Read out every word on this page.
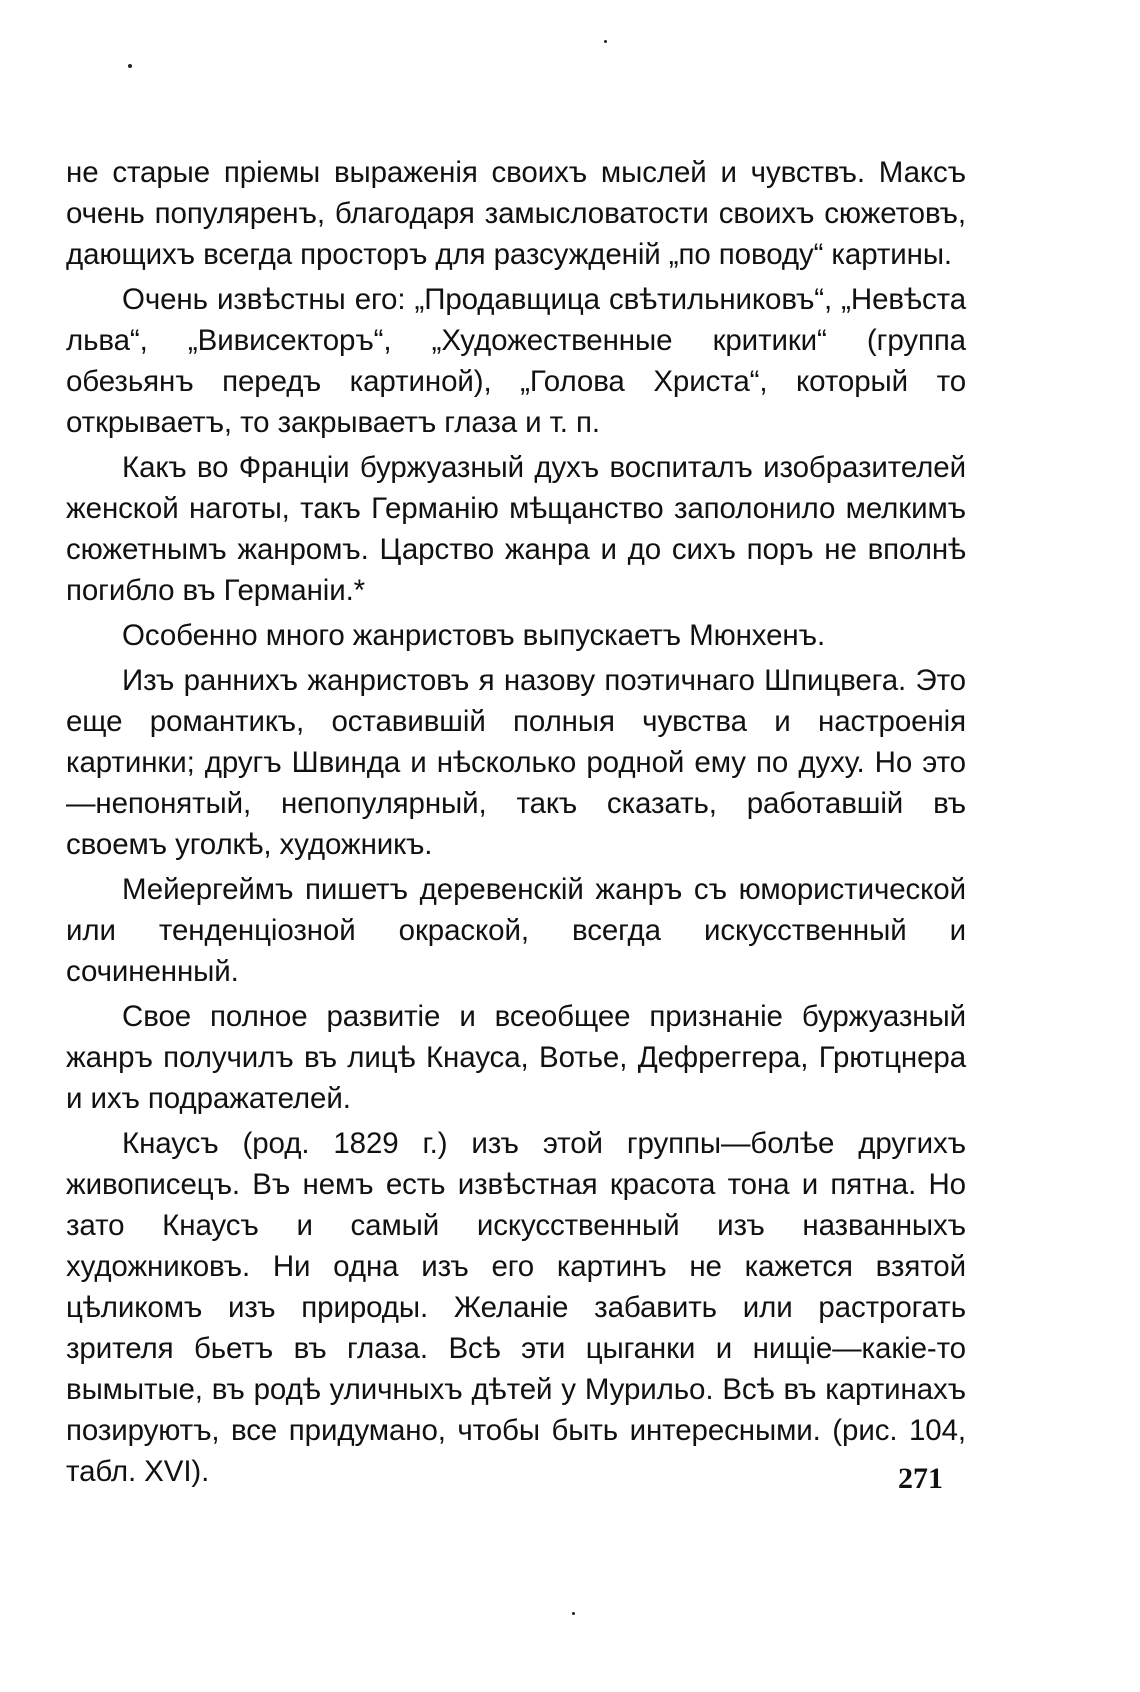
не старые пріемы выраженія своихъ мыслей и чувствъ. Максъ очень популяренъ, благодаря замысловатости своихъ сюжетовъ, дающихъ всегда просторъ для разсужденій „по поводу“ картины.

Очень извѣстны его: „Продавщица свѣтильниковъ“, „Невѣста льва“, „Вивисекторъ“, „Художественные критики“ (группа обезьянъ передъ картиной), „Голова Христа“, который то открываетъ, то закрываетъ глаза и т. п.

Какъ во Франціи буржуазный духъ воспиталъ изобразителей женской наготы, такъ Германію мѣщанство заполонило мелкимъ сюжетнымъ жанромъ. Царство жанра и до сихъ поръ не вполнѣ погибло въ Германіи.*

Особенно много жанристовъ выпускаетъ Мюнхенъ.

Изъ раннихъ жанристовъ я назову поэтичнаго Шпицвега. Это еще романтикъ, оставившій полныя чувства и настроенія картинки; другъ Швинда и нѣсколько родной ему по духу. Но это—непонятый, непопулярный, такъ сказать, работавшій въ своемъ уголкѣ, художникъ.

Мейергеймъ пишетъ деревенскій жанръ съ юмористической или тенденціозной окраской, всегда искусственный и сочиненный.

Свое полное развитіе и всеобщее признаніе буржуазный жанръ получилъ въ лицѣ Кнауса, Вотье, Дефреггера, Грютцнера и ихъ подражателей.

Кнаусъ (род. 1829 г.) изъ этой группы—болѣе другихъ живописецъ. Въ немъ есть извѣстная красота тона и пятна. Но зато Кнаусъ и самый искусственный изъ названныхъ художниковъ. Ни одна изъ его картинъ не кажется взятой цѣликомъ изъ природы. Желаніе забавить или растрогать зрителя бьетъ въ глаза. Всѣ эти цыганки и нищіе—какіе-то вымытые, въ родѣ уличныхъ дѣтей у Мурильо. Всѣ въ картинахъ позируютъ, все придумано, чтобы быть интересными. (рис. 104, табл. XVI).	271
